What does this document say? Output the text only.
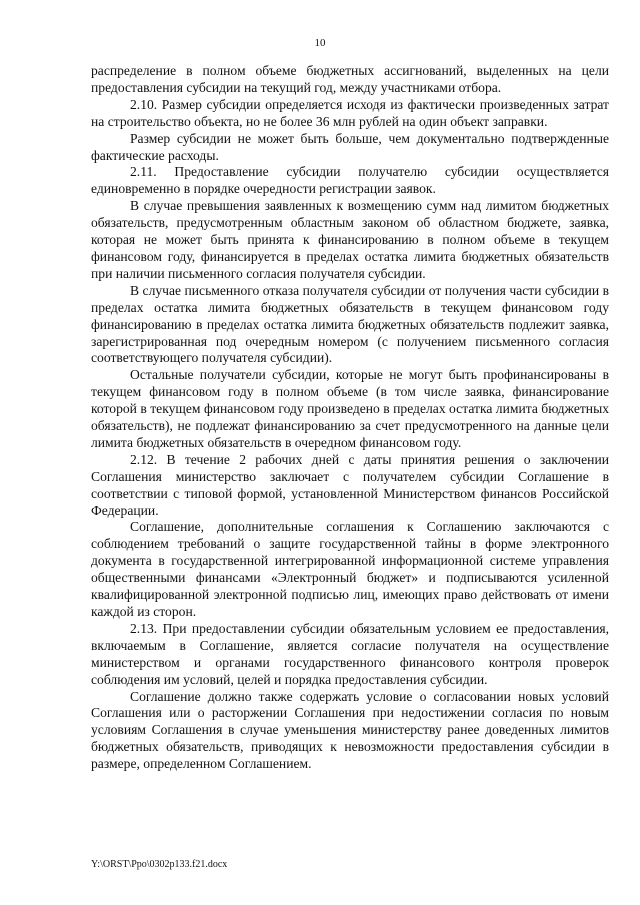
10

распределение в полном объеме бюджетных ассигнований, выделенных на цели предоставления субсидии на текущий год, между участниками отбора.

2.10. Размер субсидии определяется исходя из фактически произведенных затрат на строительство объекта, но не более 36 млн рублей на один объект заправки.

Размер субсидии не может быть больше, чем документально подтвержденные фактические расходы.

2.11. Предоставление субсидии получателю субсидии осуществляется единовременно в порядке очередности регистрации заявок.

В случае превышения заявленных к возмещению сумм над лимитом бюджетных обязательств, предусмотренным областным законом об областном бюджете, заявка, которая не может быть принята к финансированию в полном объеме в текущем финансовом году, финансируется в пределах остатка лимита бюджетных обязательств при наличии письменного согласия получателя субсидии.

В случае письменного отказа получателя субсидии от получения части субсидии в пределах остатка лимита бюджетных обязательств в текущем финансовом году финансированию в пределах остатка лимита бюджетных обязательств подлежит заявка, зарегистрированная под очередным номером (с получением письменного согласия соответствующего получателя субсидии).

Остальные получатели субсидии, которые не могут быть профинансированы в текущем финансовом году в полном объеме (в том числе заявка, финансирование которой в текущем финансовом году произведено в пределах остатка лимита бюджетных обязательств), не подлежат финансированию за счет предусмотренного на данные цели лимита бюджетных обязательств в очередном финансовом году.

2.12. В течение 2 рабочих дней с даты принятия решения о заключении Соглашения министерство заключает с получателем субсидии Соглашение в соответствии с типовой формой, установленной Министерством финансов Российской Федерации.

Соглашение, дополнительные соглашения к Соглашению заключаются с соблюдением требований о защите государственной тайны в форме электронного документа в государственной интегрированной информационной системе управления общественными финансами «Электронный бюджет» и подписываются усиленной квалифицированной электронной подписью лиц, имеющих право действовать от имени каждой из сторон.

2.13. При предоставлении субсидии обязательным условием ее предоставления, включаемым в Соглашение, является согласие получателя на осуществление министерством и органами государственного финансового контроля проверок соблюдения им условий, целей и порядка предоставления субсидии.

Соглашение должно также содержать условие о согласовании новых условий Соглашения или о расторжении Соглашения при недостижении согласия по новым условиям Соглашения в случае уменьшения министерству ранее доведенных лимитов бюджетных обязательств, приводящих к невозможности предоставления субсидии в размере, определенном Соглашением.

Y:\ORST\Ppo\0302p133.f21.docx
